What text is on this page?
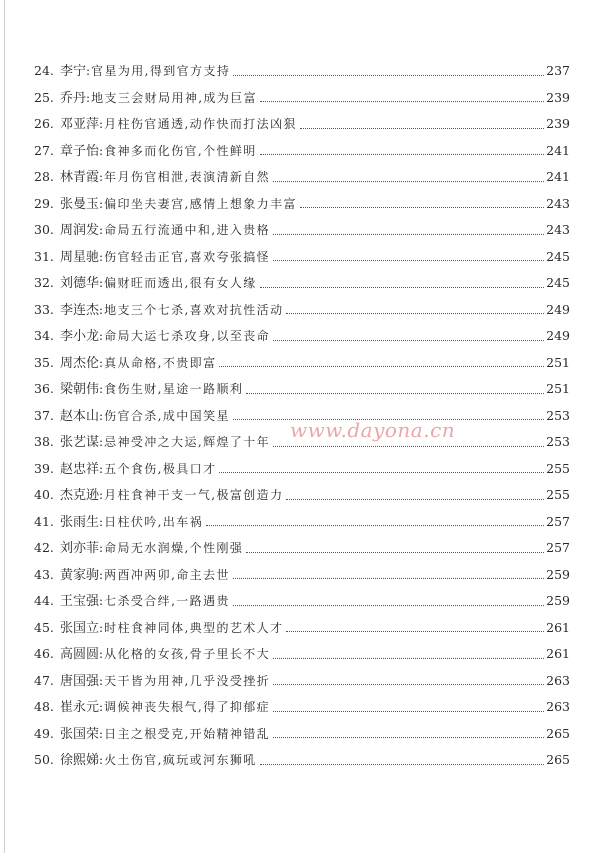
24. 李宁 : 官星为用,得到官方支持	237
25. 乔丹 : 地支三会财局用神,成为巨富	239
26. 邓亚萍 : 月柱伤官通透,动作快而打法凶狠	239
27. 章子怡 : 食神多而化伤官,个性鲜明	241
28. 林青霞 : 年月伤官相泄,表演清新自然	241
29. 张曼玉 : 偏印坐夫妻宫,感情上想象力丰富	243
30. 周润发 : 命局五行流通中和,进入贵格	243
31. 周星驰 : 伤官轻击正官,喜欢夸张搞怪	245
32. 刘德华 : 偏财旺而透出,很有女人缘	245
33. 李连杰 : 地支三个七杀,喜欢对抗性活动	249
34. 李小龙 : 命局大运七杀攻身,以至丧命	249
35. 周杰伦 : 真从命格,不贵即富	251
36. 梁朝伟 : 食伤生财,星途一路顺利	251
37. 赵本山 : 伤官合杀,成中国笑星	253
38. 张艺谋 : 忌神受冲之大运,辉煌了十年	253
39. 赵忠祥 : 五个食伤,极具口才	255
40. 杰克逊 : 月柱食神干支一气,极富创造力	255
41. 张雨生 : 日柱伏吟,出车祸	257
42. 刘亦菲 : 命局无水润燥,个性刚强	257
43. 黄家驹 : 两酉冲两卯,命主去世	259
44. 王宝强 : 七杀受合绊,一路遇贵	259
45. 张国立 : 时柱食神同体,典型的艺术人才	261
46. 高圆圆 : 从化格的女孩,骨子里长不大	261
47. 唐国强 : 天干皆为用神,几乎没受挫折	263
48. 崔永元 : 调候神丧失根气,得了抑郁症	263
49. 张国荣 : 日主之根受克,开始精神错乱	265
50. 徐熙娣 : 火土伤官,疯玩或河东狮吼	265
www.dayona.cn
